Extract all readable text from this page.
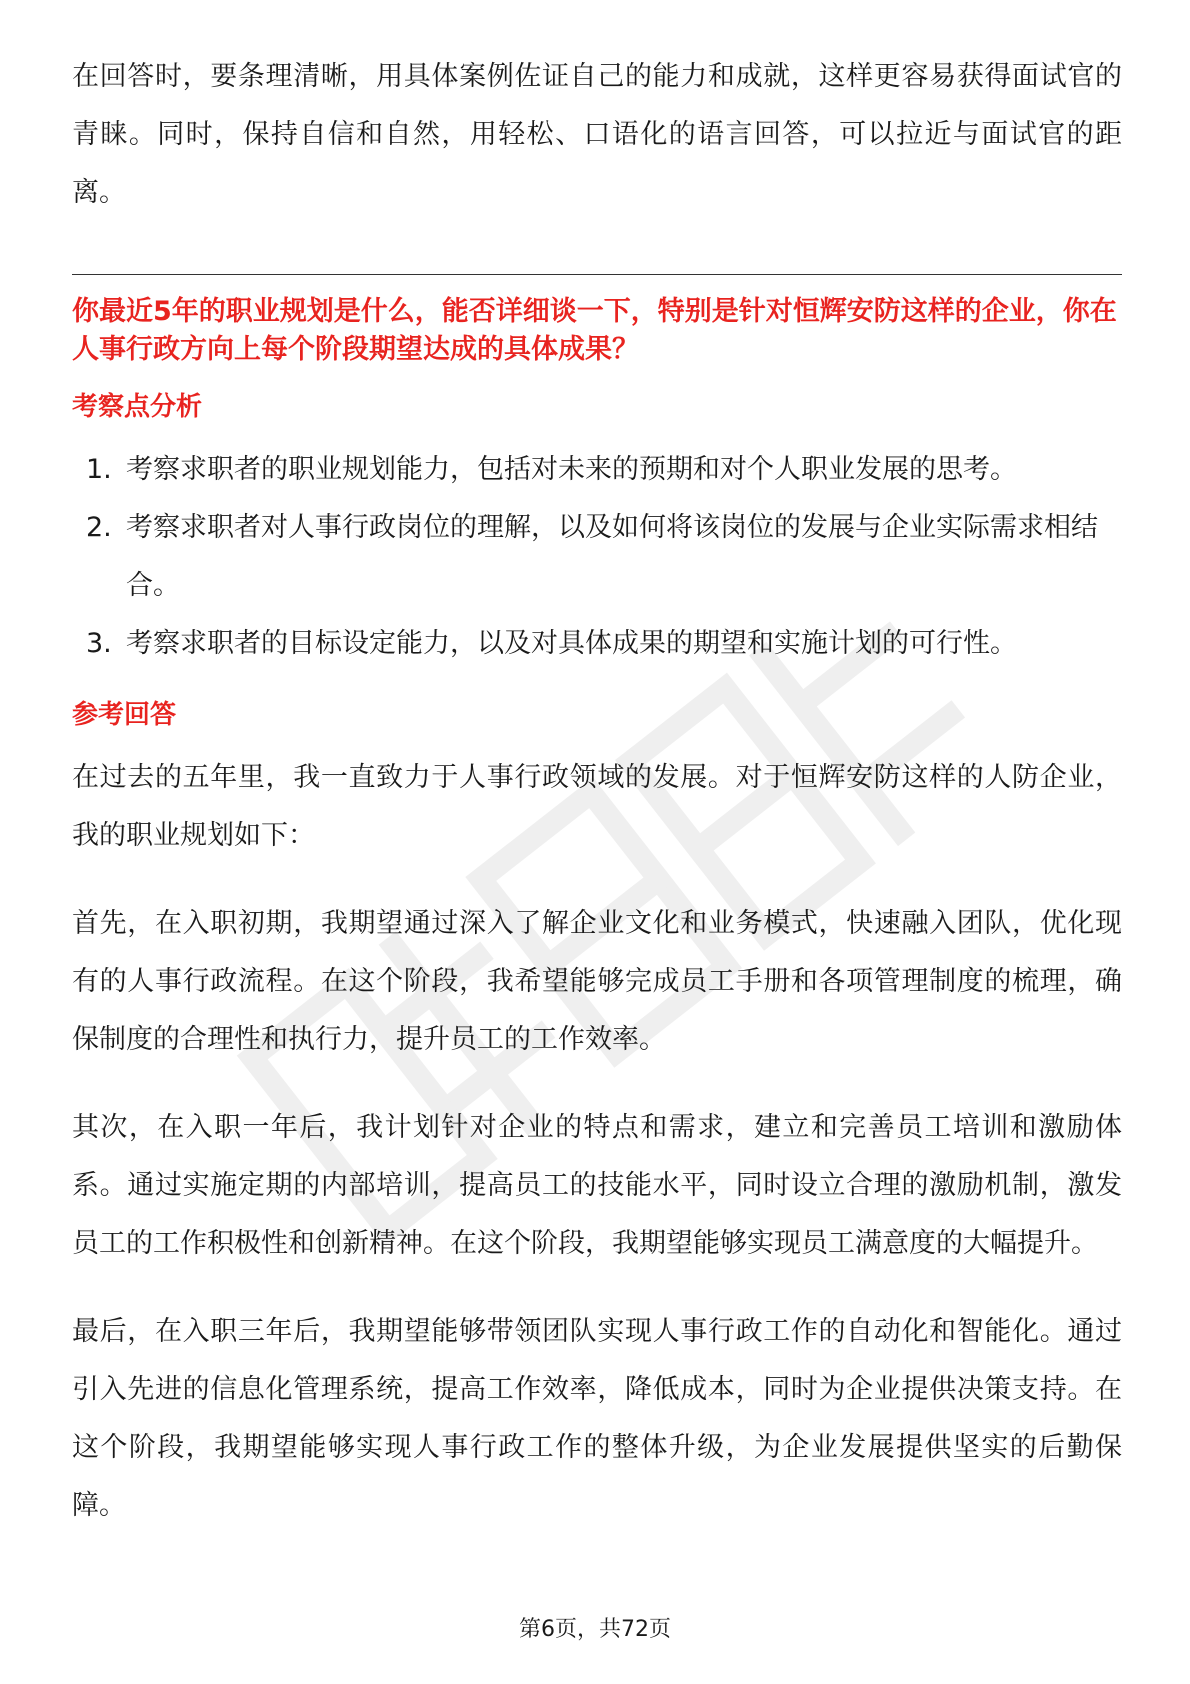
在回答时，要条理清晰，用具体案例佐证自己的能力和成就，这样更容易获得面试官的青睐。同时，保持自信和自然，用轻松、口语化的语言回答，可以拉近与面试官的距离。

你最近5年的职业规划是什么，能否详细谈一下，特别是针对恒辉安防这样的企业，你在人事行政方向上每个阶段期望达成的具体成果？

考察点分析
1. 考察求职者的职业规划能力，包括对未来的预期和对个人职业发展的思考。
2. 考察求职者对人事行政岗位的理解，以及如何将该岗位的发展与企业实际需求相结合。
3. 考察求职者的目标设定能力，以及对具体成果的期望和实施计划的可行性。
参考回答

在过去的五年里，我一直致力于人事行政领域的发展。对于恒辉安防这样的人防企业，我的职业规划如下：

首先，在入职初期，我期望通过深入了解企业文化和业务模式，快速融入团队，优化现有的人事行政流程。在这个阶段，我希望能够完成员工手册和各项管理制度的梳理，确保制度的合理性和执行力，提升员工的工作效率。

其次，在入职一年后，我计划针对企业的特点和需求，建立和完善员工培训和激励体系。通过实施定期的内部培训，提高员工的技能水平，同时设立合理的激励机制，激发员工的工作积极性和创新精神。在这个阶段，我期望能够实现员工满意度的大幅提升。

最后，在入职三年后，我期望能够带领团队实现人事行政工作的自动化和智能化。通过引入先进的信息化管理系统，提高工作效率，降低成本，同时为企业提供决策支持。在这个阶段，我期望能够实现人事行政工作的整体升级，为企业发展提供坚实的后勤保障。

第6页，共72页
